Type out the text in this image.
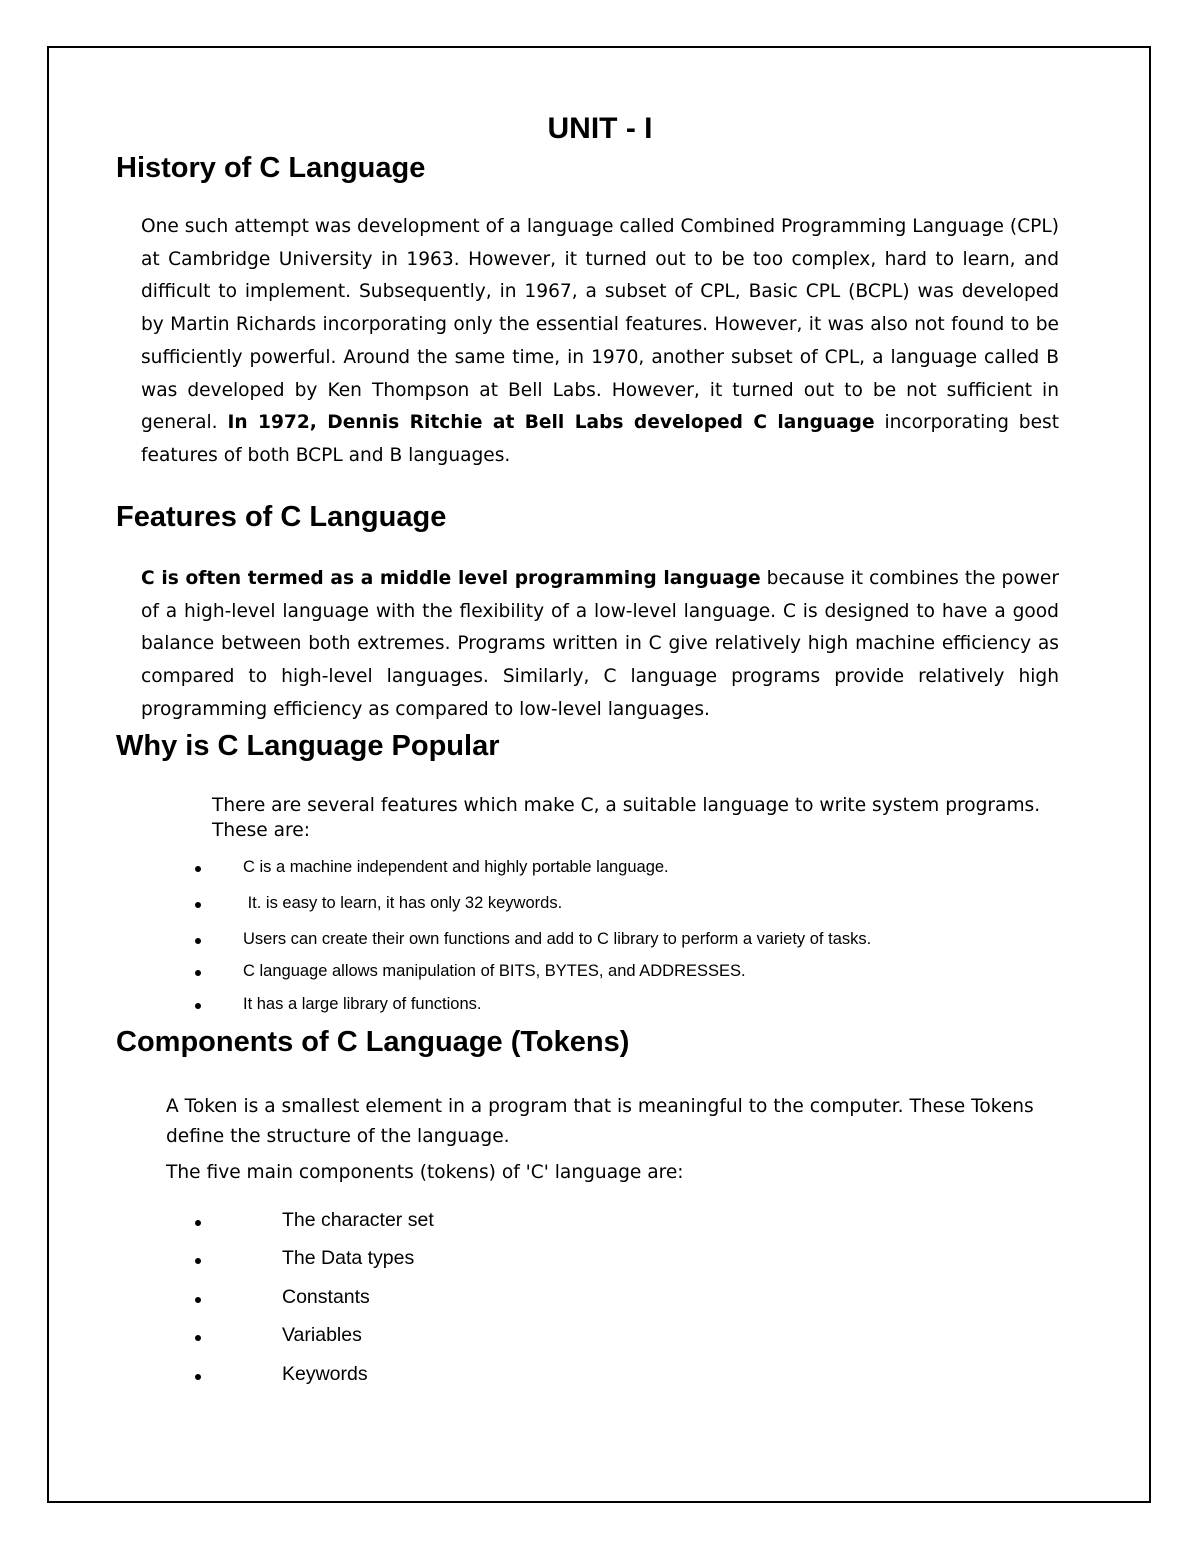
UNIT - I
History of C Language

One such attempt was development of a language called Combined Programming Language (CPL) at Cambridge University in 1963. However, it turned out to be too complex, hard to learn, and difficult to implement. Subsequently, in 1967, a subset of CPL, Basic CPL (BCPL) was developed by Martin Richards incorporating only the essential features. However, it was also not found to be sufficiently powerful. Around the same time, in 1970, another subset of CPL, a language called B was developed by Ken Thompson at Bell Labs. However, it turned out to be not sufficient in general. In 1972, Dennis Ritchie at Bell Labs developed C language incorporating best features of both BCPL and B languages.

Features of C Language

C is often termed as a middle level programming language because it combines the power of a high-level language with the flexibility of a low-level language. C is designed to have a good balance between both extremes. Programs written in C give relatively high machine efficiency as compared to high-level languages. Similarly, C language programs provide relatively high programming efficiency as compared to low-level languages.

Why is C Language Popular

There are several features which make C, a suitable language to write system programs.

These are:

C is a machine independent and highly portable language.
It. is easy to learn, it has only 32 keywords.
Users can create their own functions and add to C library to perform a variety of tasks.
C language allows manipulation of BITS, BYTES, and ADDRESSES.
It has a large library of functions.
Components of C Language (Tokens)

A Token is a smallest element in a program that is meaningful to the computer. These Tokens

define the structure of the language.

The five main components (tokens) of 'C' language are:

The character set
The Data types
Constants
Variables
Keywords
